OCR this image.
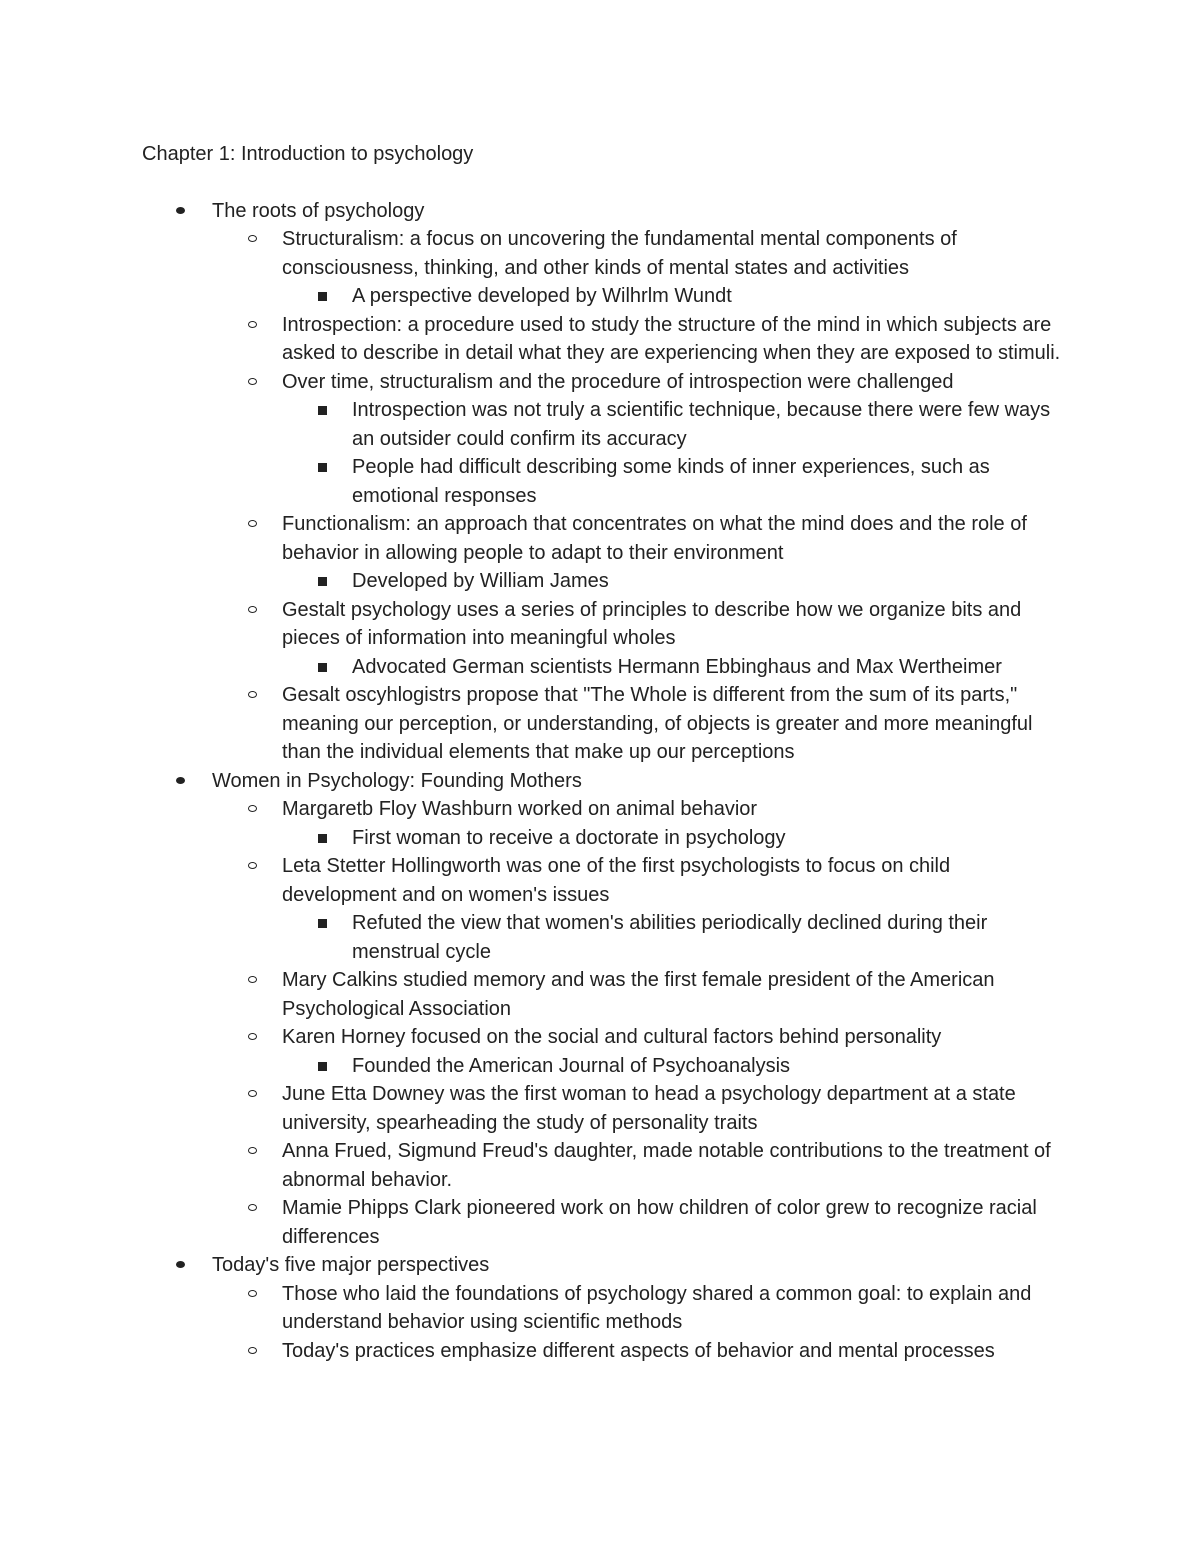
Chapter 1: Introduction to psychology
The roots of psychology
Structuralism: a focus on uncovering the fundamental mental components of consciousness, thinking, and other kinds of mental states and activities
A perspective developed by Wilhrlm Wundt
Introspection: a procedure used to study the structure of the mind in which subjects are asked to describe in detail what they are experiencing when they are exposed to stimuli.
Over time, structuralism and the procedure of introspection were challenged
Introspection was not truly a scientific technique, because there were few ways an outsider could confirm its accuracy
People had difficult describing some kinds of inner experiences, such as emotional responses
Functionalism: an approach that concentrates on what the mind does and the role of behavior in allowing people to adapt to their environment
Developed by William James
Gestalt psychology uses a series of principles to describe how we organize bits and pieces of information into meaningful wholes
Advocated German scientists Hermann Ebbinghaus and Max Wertheimer
Gesalt oscyhlogistrs propose that "The Whole is different from the sum of its parts," meaning our perception, or understanding, of objects is greater and more meaningful than the individual elements that make up our perceptions
Women in Psychology: Founding Mothers
Margaretb Floy Washburn worked on animal behavior
First woman to receive a doctorate in psychology
Leta Stetter Hollingworth was one of the first psychologists to focus on child development and on women's issues
Refuted the view that women's abilities periodically declined during their menstrual cycle
Mary Calkins studied memory and was the first female president of the American Psychological Association
Karen Horney focused on the social and cultural factors behind personality
Founded the American Journal of Psychoanalysis
June Etta Downey was the first woman to head a psychology department at a state university, spearheading the study of personality traits
Anna Frued, Sigmund Freud's daughter, made notable contributions to the treatment of abnormal behavior.
Mamie Phipps Clark pioneered work on how children of color grew to recognize racial differences
Today's five major perspectives
Those who laid the foundations of psychology shared a common goal: to explain and understand behavior using scientific methods
Today's practices emphasize different aspects of behavior and mental processes
